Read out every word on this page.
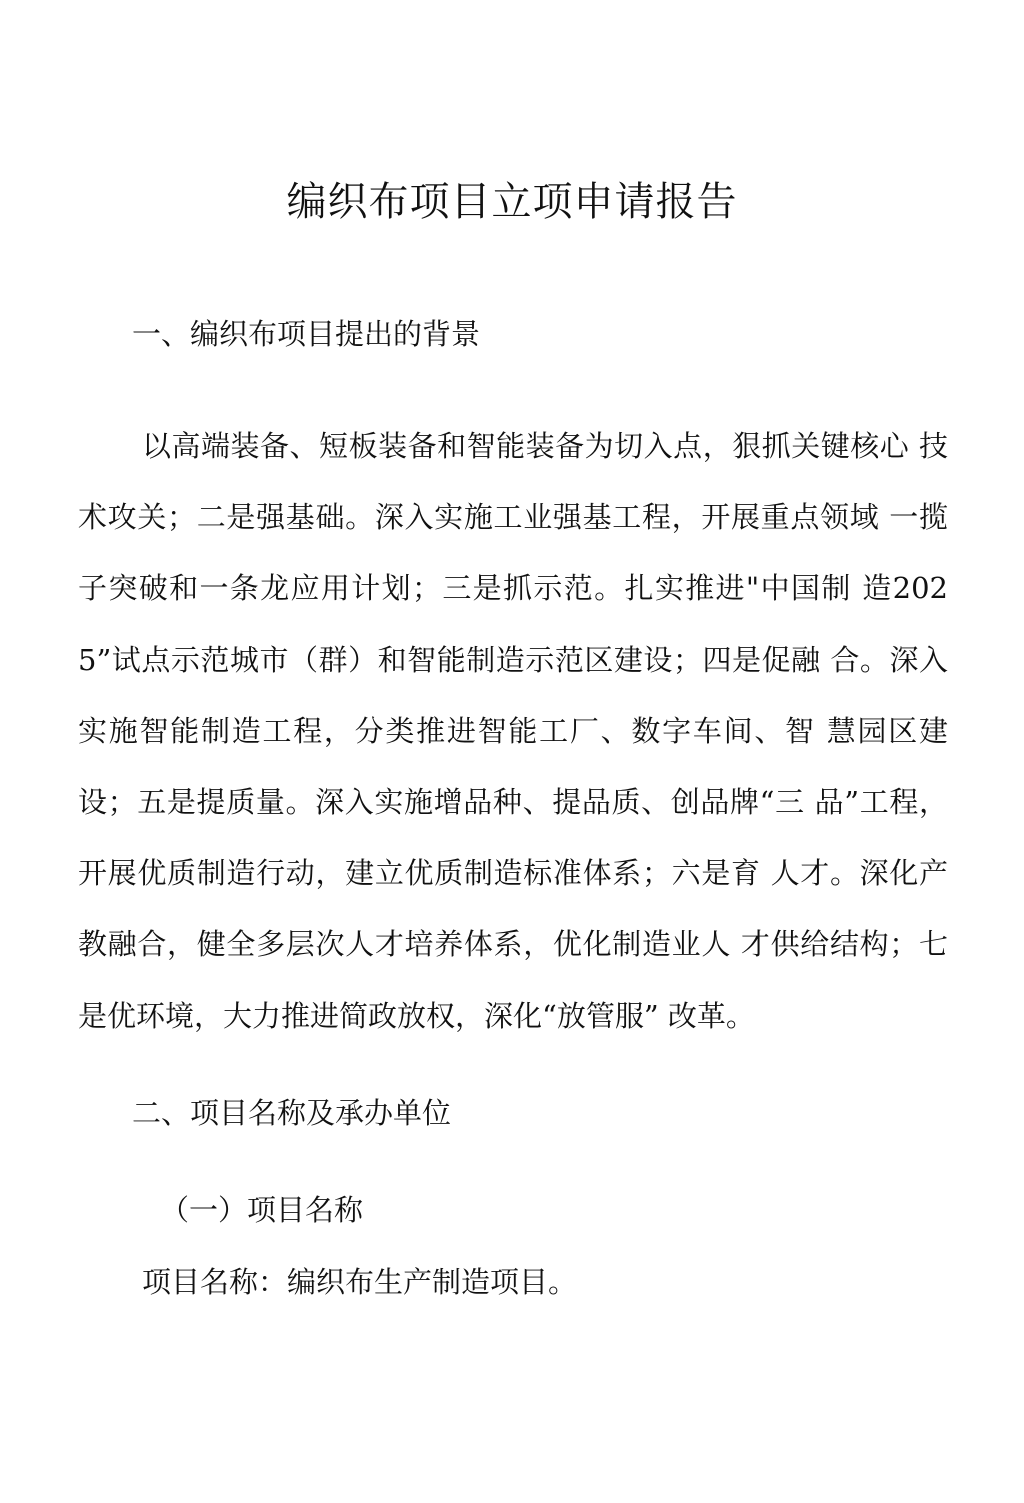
编织布项目立项申请报告
一、编织布项目提出的背景
以高端装备、短板装备和智能装备为切入点，狠抓关键核心 技术攻关；二是强基础。深入实施工业强基工程，开展重点领域 一揽子突破和一条龙应用计划；三是抓示范。扎实推进"中国制 造2025”试点示范城市（群）和智能制造示范区建设；四是促融 合。深入实施智能制造工程，分类推进智能工厂、数字车间、智 慧园区建设；五是提质量。深入实施增品种、提品质、创品牌“三 品”工程，开展优质制造行动，建立优质制造标准体系；六是育 人才。深化产教融合，健全多层次人才培养体系，优化制造业人 才供给结构；七是优环境，大力推进简政放权，深化“放管服” 改革。
二、项目名称及承办单位
（一）项目名称
项目名称：编织布生产制造项目。
